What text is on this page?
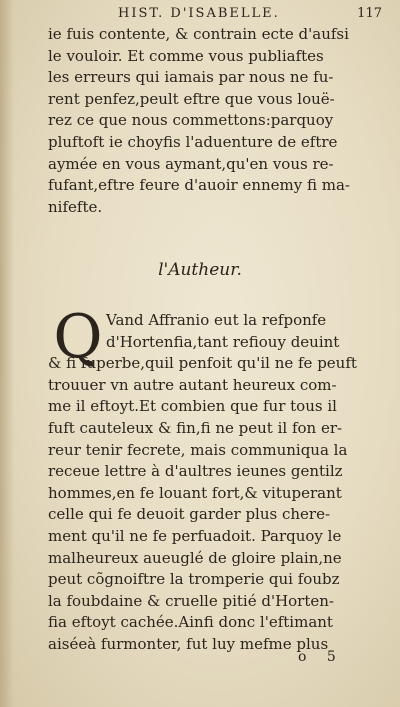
HIST. D'ISABELLE.	117
ie fuis contente, & contrain ecte d'aufsi
le vouloir. Et comme vous publiaftes
les erreurs qui iamais par nous ne fu-
rent penfez,peult eftre que vous louë-
rez ce que nous commettons:parquoy
pluftoft ie choyfis l'aduenture de eftre
aymée en vous aymant,qu'en vous re-
fufant,eftre feure d'auoir ennemy fi ma-
nifefte.
l'Autheur.
Q Vand Affranio eut la refponfe
d'Hortenfia,tant refiouy deuint
& fi fuperbe,quil penfoit qu'il ne fe peuft
trouuer vn autre autant heureux com-
me il eftoyt.Et combien que fur tous il
fuft cauteleux & fin,fi ne peut il fon er-
reur tenir fecrete, mais communiqua la
receue lettre à d'aultres ieunes gentilz
hommes,en fe louant fort,& vituperant
celle qui fe deuoit garder plus chere-
ment qu'il ne fe perfuadoit. Parquoy le
malheureux aueuglé de gloire plain,ne
peut cõgnoiftre la tromperie qui foubz
la foubdaine & cruelle pitié d'Horten-
fia eftoyt cachée.Ainfi donc l'eftimant
aiséeà furmonter, fut luy mefme plus
o 5
